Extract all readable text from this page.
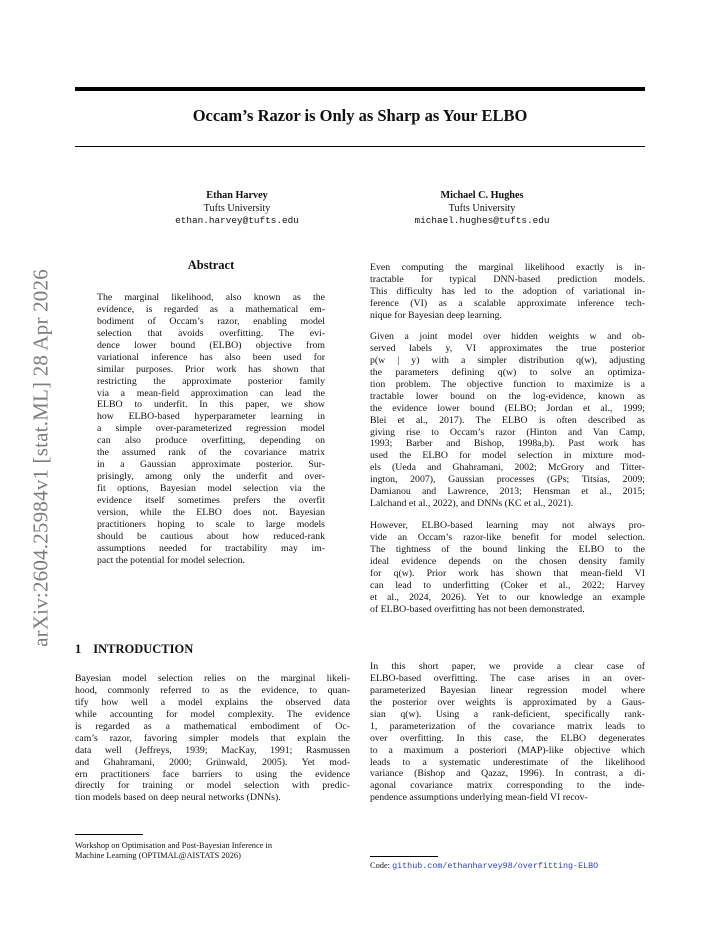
Occam’s Razor is Only as Sharp as Your ELBO
Ethan Harvey
Tufts University
ethan.harvey@tufts.edu
Michael C. Hughes
Tufts University
michael.hughes@tufts.edu
arXiv:2604.25984v1 [stat.ML] 28 Apr 2026
Abstract
The marginal likelihood, also known as the
evidence, is regarded as a mathematical em-
bodiment of Occam’s razor, enabling model
selection that avoids overfitting. The evi-
dence lower bound (ELBO) objective from
variational inference has also been used for
similar purposes. Prior work has shown that
restricting the approximate posterior family
via a mean-field approximation can lead the
ELBO to underfit. In this paper, we show
how ELBO-based hyperparameter learning in
a simple over-parameterized regression model
can also produce overfitting, depending on
the assumed rank of the covariance matrix
in a Gaussian approximate posterior. Sur-
prisingly, among only the underfit and over-
fit options, Bayesian model selection via the
evidence itself sometimes prefers the overfit
version, while the ELBO does not. Bayesian
practitioners hoping to scale to large models
should be cautious about how reduced-rank
assumptions needed for tractability may im-
pact the potential for model selection.
1 INTRODUCTION
Bayesian model selection relies on the marginal likeli-
hood, commonly referred to as the evidence, to quan-
tify how well a model explains the observed data
while accounting for model complexity. The evidence
is regarded as a mathematical embodiment of Oc-
cam’s razor, favoring simpler models that explain the
data well (Jeffreys, 1939; MacKay, 1991; Rasmussen
and Ghahramani, 2000; Grünwald, 2005). Yet mod-
ern practitioners face barriers to using the evidence
directly for training or model selection with predic-
tion models based on deep neural networks (DNNs).
Even computing the marginal likelihood exactly is in-
tractable for typical DNN-based prediction models.
This difficulty has led to the adoption of variational in-
ference (VI) as a scalable approximate inference tech-
nique for Bayesian deep learning.
Given a joint model over hidden weights w and ob-
served labels y, VI approximates the true posterior
p(w | y) with a simpler distribution q(w), adjusting
the parameters defining q(w) to solve an optimiza-
tion problem. The objective function to maximize is a
tractable lower bound on the log-evidence, known as
the evidence lower bound (ELBO; Jordan et al., 1999;
Blei et al., 2017). The ELBO is often described as
giving rise to Occam’s razor (Hinton and Van Camp,
1993; Barber and Bishop, 1998a,b). Past work has
used the ELBO for model selection in mixture mod-
els (Ueda and Ghahramani, 2002; McGrory and Titter-
ington, 2007), Gaussian processes (GPs; Titsias, 2009;
Damianou and Lawrence, 2013; Hensman et al., 2015;
Lalchand et al., 2022), and DNNs (KC et al., 2021).
However, ELBO-based learning may not always pro-
vide an Occam’s razor-like benefit for model selection.
The tightness of the bound linking the ELBO to the
ideal evidence depends on the chosen density family
for q(w). Prior work has shown that mean-field VI
can lead to underfitting (Coker et al., 2022; Harvey
et al., 2024, 2026). Yet to our knowledge an example
of ELBO-based overfitting has not been demonstrated.
In this short paper, we provide a clear case of
ELBO-based overfitting. The case arises in an over-
parameterized Bayesian linear regression model where
the posterior over weights is approximated by a Gaus-
sian q(w). Using a rank-deficient, specifically rank-
1, parameterization of the covariance matrix leads to
over overfitting. In this case, the ELBO degenerates
to a maximum a posteriori (MAP)-like objective which
leads to a systematic underestimate of the likelihood
variance (Bishop and Qazaz, 1996). In contrast, a di-
agonal covariance matrix corresponding to the inde-
pendence assumptions underlying mean-field VI recov-
Workshop on Optimisation and Post-Bayesian Inference in
Machine Learning (OPTIMAL@AISTATS 2026)
Code: github.com/ethanharvey98/overfitting-ELBO
